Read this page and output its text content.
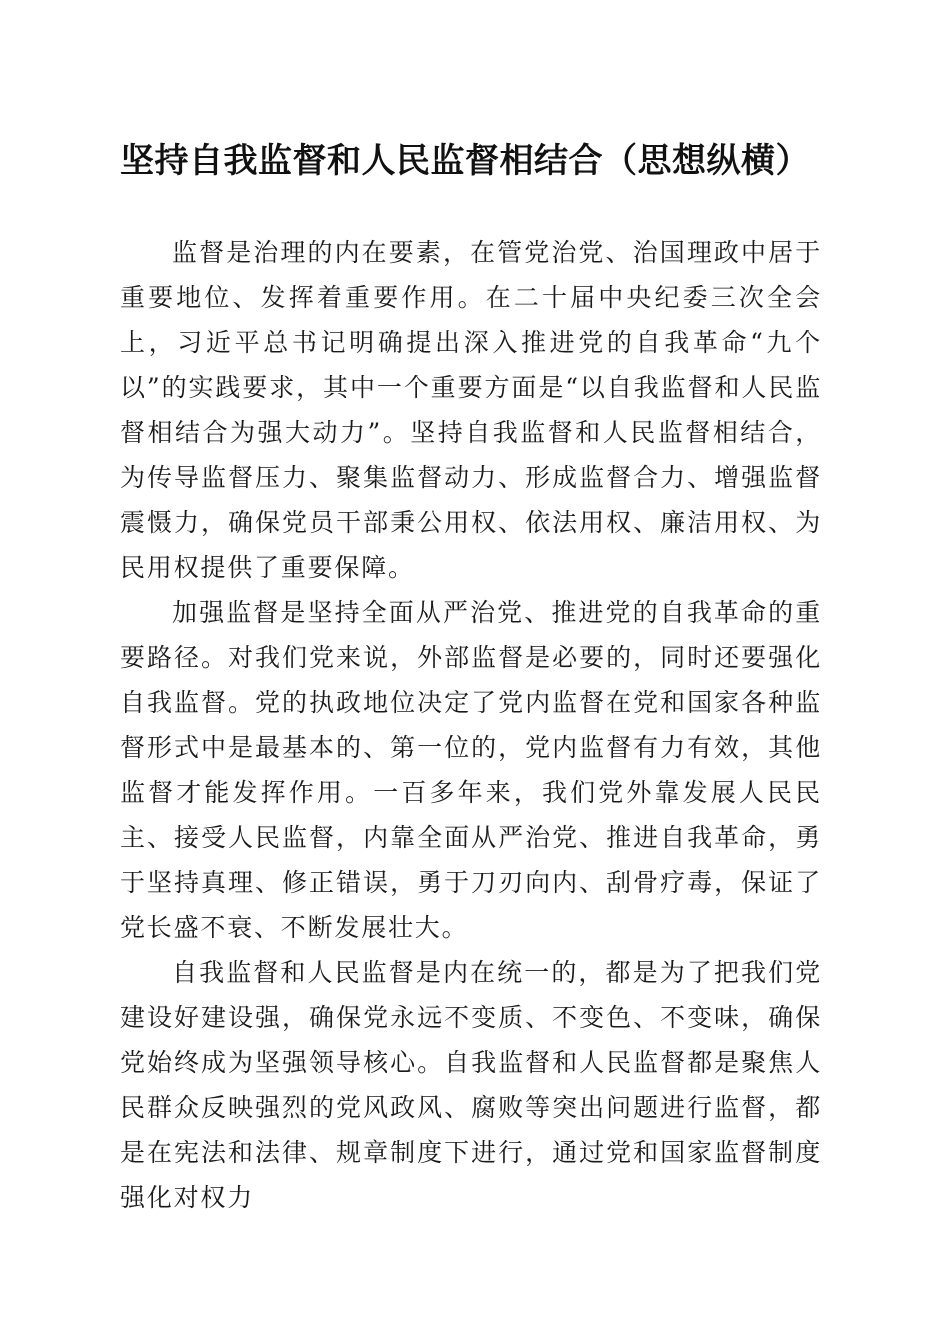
坚持自我监督和人民监督相结合（思想纵横）

监督是治理的内在要素，在管党治党、治国理政中居于重要地位、发挥着重要作用。在二十届中央纪委三次全会上，习近平总书记明确提出深入推进党的自我革命“九个以”的实践要求，其中一个重要方面是“以自我监督和人民监督相结合为强大动力”。坚持自我监督和人民监督相结合，为传导监督压力、聚集监督动力、形成监督合力、增强监督震慑力，确保党员干部秉公用权、依法用权、廉洁用权、为民用权提供了重要保障。

加强监督是坚持全面从严治党、推进党的自我革命的重要路径。对我们党来说，外部监督是必要的，同时还要强化自我监督。党的执政地位决定了党内监督在党和国家各种监督形式中是最基本的、第一位的，党内监督有力有效，其他监督才能发挥作用。一百多年来，我们党外靠发展人民民主、接受人民监督，内靠全面从严治党、推进自我革命，勇于坚持真理、修正错误，勇于刀刃向内、刮骨疗毒，保证了党长盛不衰、不断发展壮大。

自我监督和人民监督是内在统一的，都是为了把我们党建设好建设强，确保党永远不变质、不变色、不变味，确保党始终成为坚强领导核心。自我监督和人民监督都是聚焦人民群众反映强烈的党风政风、腐败等突出问题进行监督，都是在宪法和法律、规章制度下进行，通过党和国家监督制度强化对权力
